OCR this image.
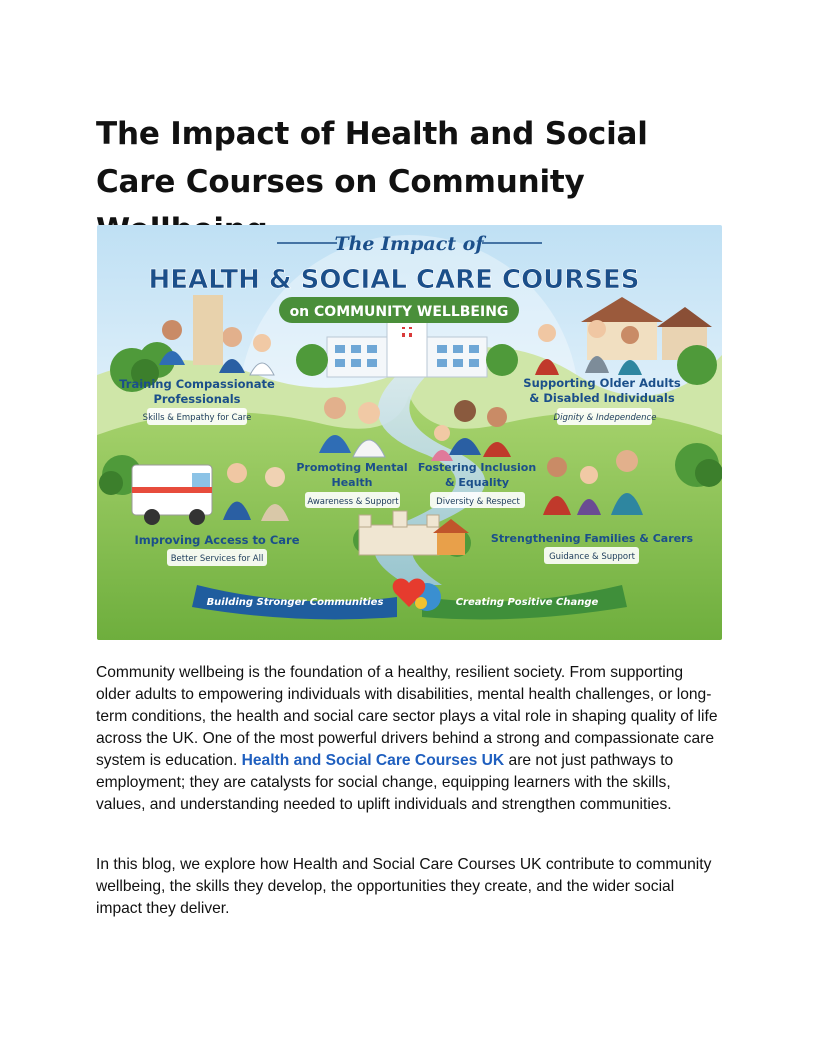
The Impact of Health and Social Care Courses on Community
The Impact of
HEALTH & SOCIAL CARE COURSES
on COMMUNITY WELLBEING
Training Compassionate
Professionals
Skills & Empathy for Care
Supporting Older Adults
& Disabled Individuals
Dignity & Independence
Promoting Mental
Health
Awareness & Support
Fostering Inclusion
& Equality
Diversity & Respect
Improving Access to Care
Better Services for All
Strengthening Families & Carers
Guidance & Support
Building Stronger Communities	Creating Positive Change

Community wellbeing is the foundation of a healthy, resilient society. From supporting older adults to empowering individuals with disabilities, mental health challenges, or long-term conditions, the health and social care sector plays a vital role in shaping quality of life across the UK. One of the most powerful drivers behind a strong and compassionate care system is education. Health and Social Care Courses UK are not just pathways to employment; they are catalysts for social change, equipping learners with the skills, values, and understanding needed to uplift individuals and strengthen communities.

In this blog, we explore how Health and Social Care Courses UK contribute to community wellbeing, the skills they develop, the opportunities they create, and the wider social impact they deliver.
